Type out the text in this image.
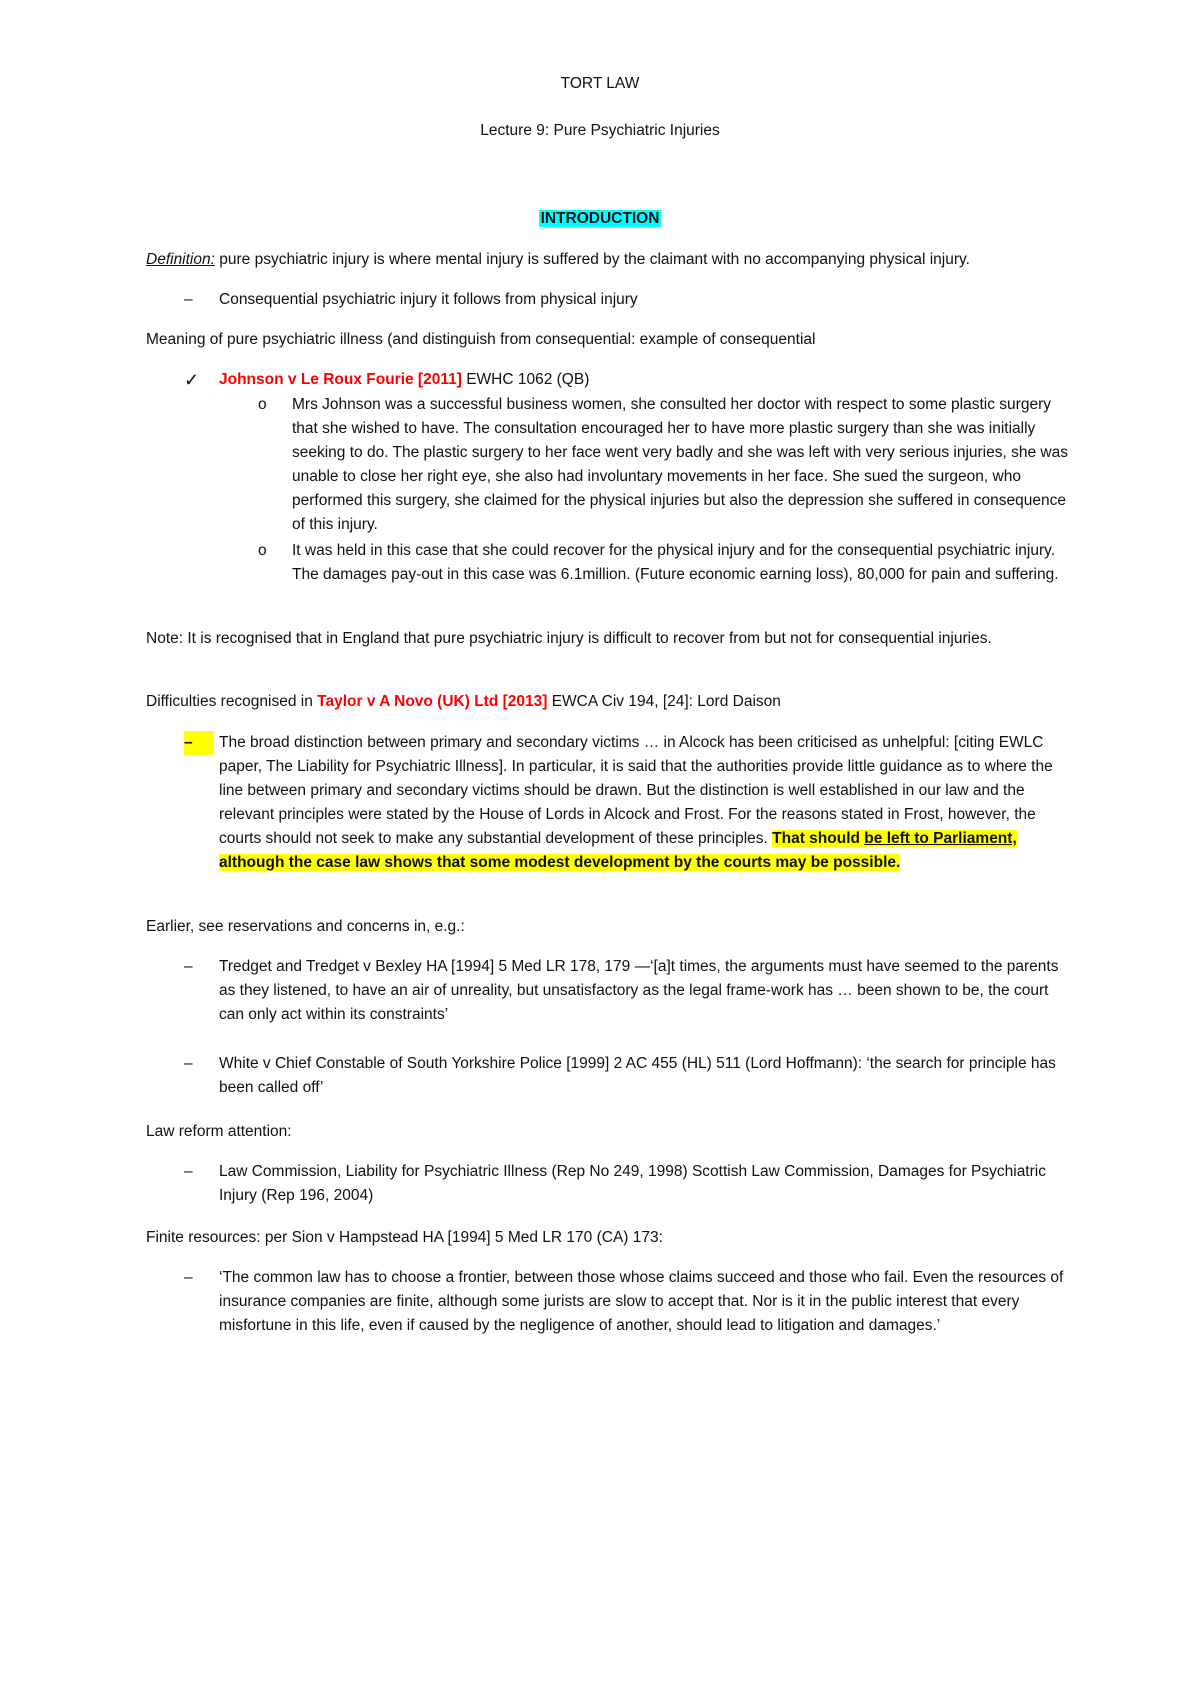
TORT LAW
Lecture 9: Pure Psychiatric Injuries
INTRODUCTION
Definition: pure psychiatric injury is where mental injury is suffered by the claimant with no accompanying physical injury.
–	Consequential psychiatric injury it follows from physical injury
Meaning of pure psychiatric illness (and distinguish from consequential: example of consequential
✓ Johnson v Le Roux Fourie [2011] EWHC 1062 (QB)
o Mrs Johnson was a successful business women, she consulted her doctor with respect to some plastic surgery that she wished to have. The consultation encouraged her to have more plastic surgery than she was initially seeking to do. The plastic surgery to her face went very badly and she was left with very serious injuries, she was unable to close her right eye, she also had involuntary movements in her face. She sued the surgeon, who performed this surgery, she claimed for the physical injuries but also the depression she suffered in consequence of this injury.
o It was held in this case that she could recover for the physical injury and for the consequential psychiatric injury. The damages pay-out in this case was 6.1million. (Future economic earning loss), 80,000 for pain and suffering.
Note: It is recognised that in England that pure psychiatric injury is difficult to recover from but not for consequential injuries.
Difficulties recognised in Taylor v A Novo (UK) Ltd [2013] EWCA Civ 194, [24]: Lord Daison
–	The broad distinction between primary and secondary victims … in Alcock has been criticised as unhelpful: [citing EWLC paper, The Liability for Psychiatric Illness]. In particular, it is said that the authorities provide little guidance as to where the line between primary and secondary victims should be drawn. But the distinction is well established in our law and the relevant principles were stated by the House of Lords in Alcock and Frost. For the reasons stated in Frost, however, the courts should not seek to make any substantial development of these principles. That should be left to Parliament, although the case law shows that some modest development by the courts may be possible.
Earlier, see reservations and concerns in, e.g.:
–	Tredget and Tredget v Bexley HA [1994] 5 Med LR 178, 179 —‘[a]t times, the arguments must have seemed to the parents as they listened, to have an air of unreality, but unsatisfactory as the legal frame-work has … been shown to be, the court can only act within its constraints’
–	White v Chief Constable of South Yorkshire Police [1999] 2 AC 455 (HL) 511 (Lord Hoffmann): ‘the search for principle has been called off’
Law reform attention:
–	Law Commission, Liability for Psychiatric Illness (Rep No 249, 1998) Scottish Law Commission, Damages for Psychiatric Injury (Rep 196, 2004)
Finite resources: per Sion v Hampstead HA [1994] 5 Med LR 170 (CA) 173:
–	‘The common law has to choose a frontier, between those whose claims succeed and those who fail. Even the resources of insurance companies are finite, although some jurists are slow to accept that. Nor is it in the public interest that every misfortune in this life, even if caused by the negligence of another, should lead to litigation and damages.’
